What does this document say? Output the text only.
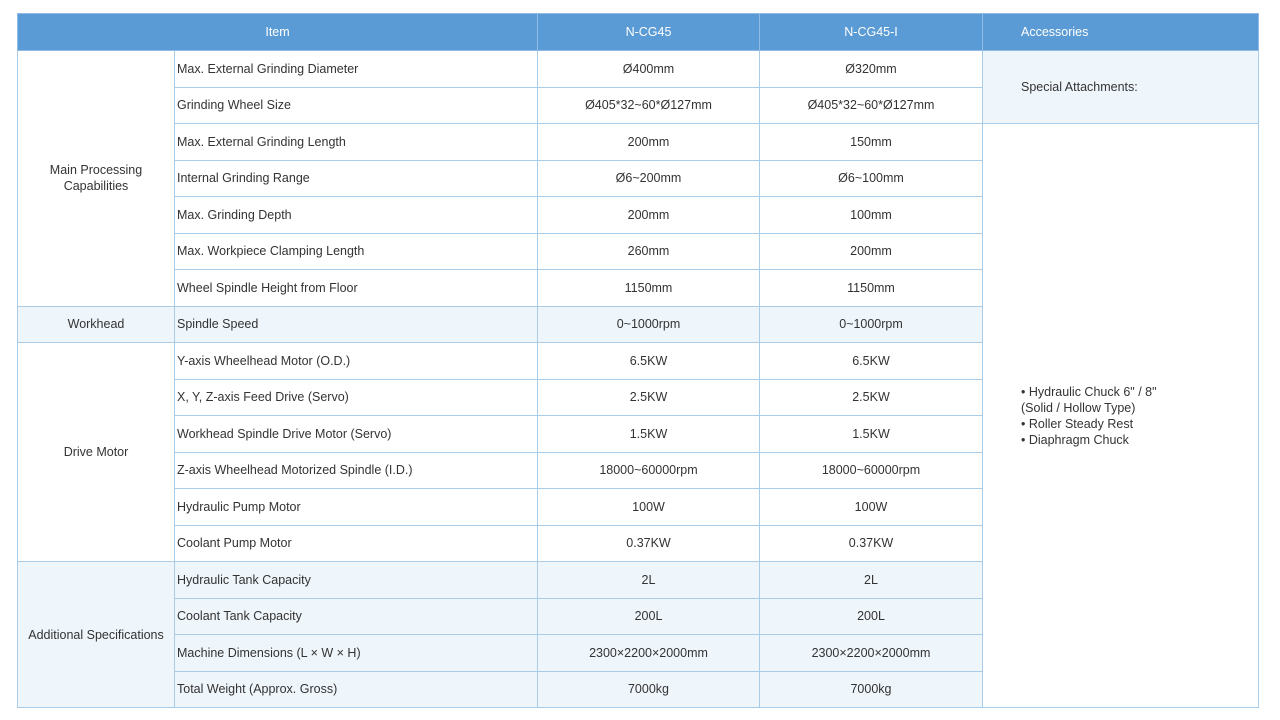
Item		N-CG45	N-CG45-I	Accessories
Main Processing Capabilities	Max. External Grinding Diameter	Ø400mm	Ø320mm	Special Attachments:
	Grinding Wheel Size	Ø405*32~60*Ø127mm	Ø405*32~60*Ø127mm	
	Max. External Grinding Length	200mm	150mm	• Hydraulic Chuck 6" / 8"
(Solid / Hollow Type)
• Roller Steady Rest
• Diaphragm Chuck

	Internal Grinding Range	Ø6~200mm	Ø6~100mm	
	Max. Grinding Depth	200mm	100mm	
	Max. Workpiece Clamping Length	260mm	200mm	
	Wheel Spindle Height from Floor	1150mm	1150mm	
Workhead	Spindle Speed	0~1000rpm	0~1000rpm	
Drive Motor	Y-axis Wheelhead Motor (O.D.)	6.5KW	6.5KW	
	X, Y, Z-axis Feed Drive (Servo)	2.5KW	2.5KW	
	Workhead Spindle Drive Motor (Servo)	1.5KW	1.5KW	
	Z-axis Wheelhead Motorized Spindle (I.D.)	18000~60000rpm	18000~60000rpm	
	Hydraulic Pump Motor	100W	100W	
	Coolant Pump Motor	0.37KW	0.37KW	
Additional Specifications	Hydraulic Tank Capacity	2L	2L	
	Coolant Tank Capacity	200L	200L	
	Machine Dimensions (L × W × H)	2300×2200×2000mm	2300×2200×2000mm	
	Total Weight (Approx. Gross)	7000kg	7000kg	
